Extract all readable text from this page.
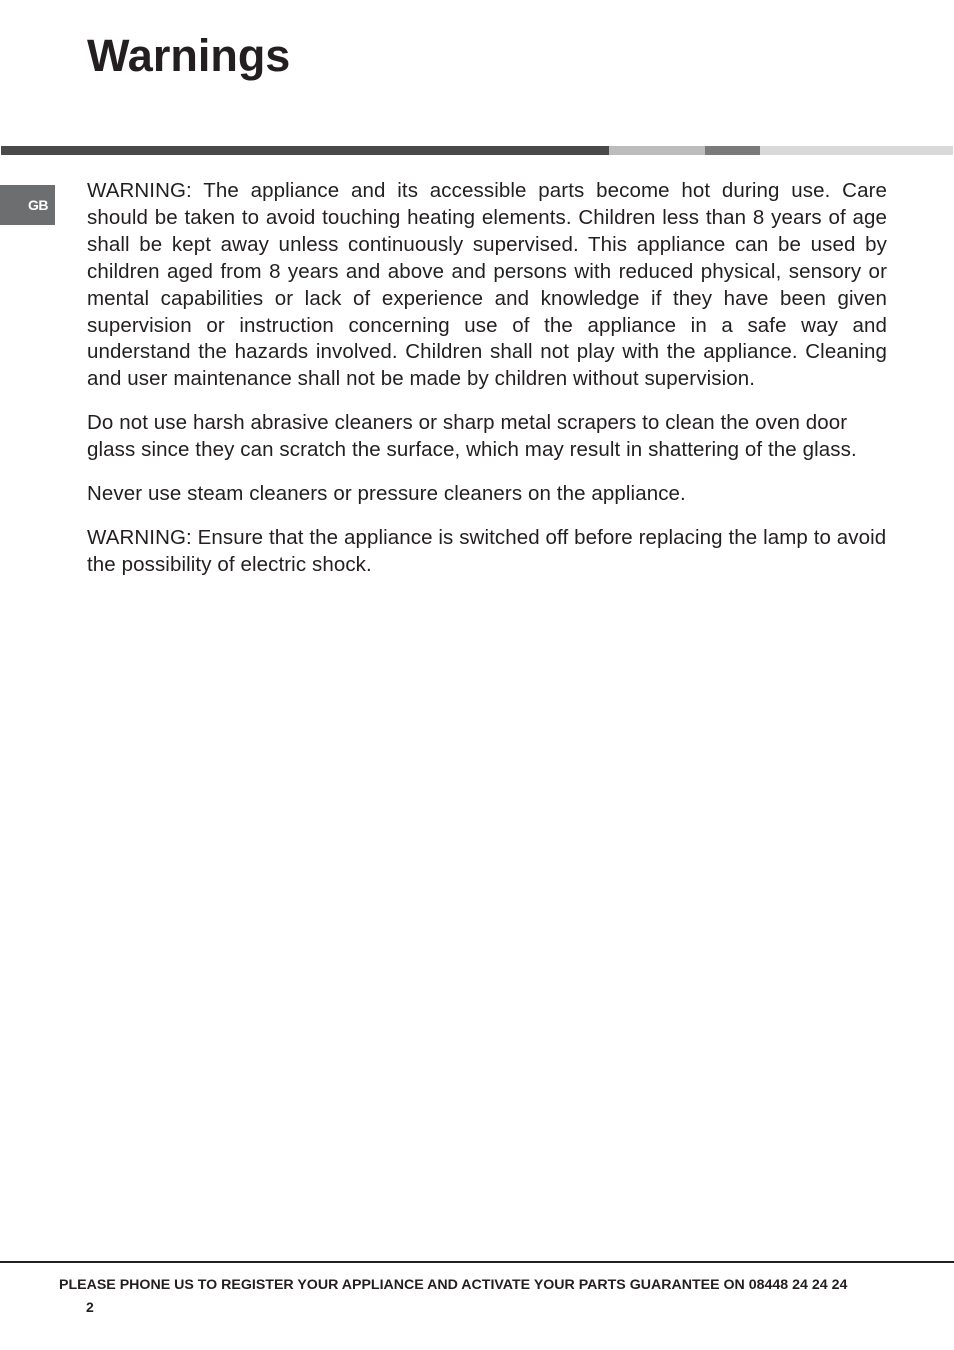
Warnings
GB

WARNING: The appliance and its accessible parts become hot during use. Care should be taken to avoid touching heating elements. Children less than 8 years of age shall be kept away unless continuously supervised. This appliance can be used by children aged from 8 years and above and persons with reduced physical, sensory or mental capabilities or lack of experience and knowledge if they have been given supervision or instruction concerning use of the appliance in a safe way and understand the hazards involved. Children shall not play with the appliance. Cleaning and user maintenance shall not be made by children without supervision.

Do not use harsh abrasive cleaners or sharp metal scrapers to clean the oven door glass since they can scratch the surface, which may result in shattering of the glass.

Never use steam cleaners or pressure cleaners on the appliance.

WARNING: Ensure that the appliance is switched off before replacing the lamp to avoid the possibility of electric shock.

PLEASE PHONE US TO REGISTER YOUR APPLIANCE AND ACTIVATE YOUR PARTS GUARANTEE ON 08448 24 24 24
2
